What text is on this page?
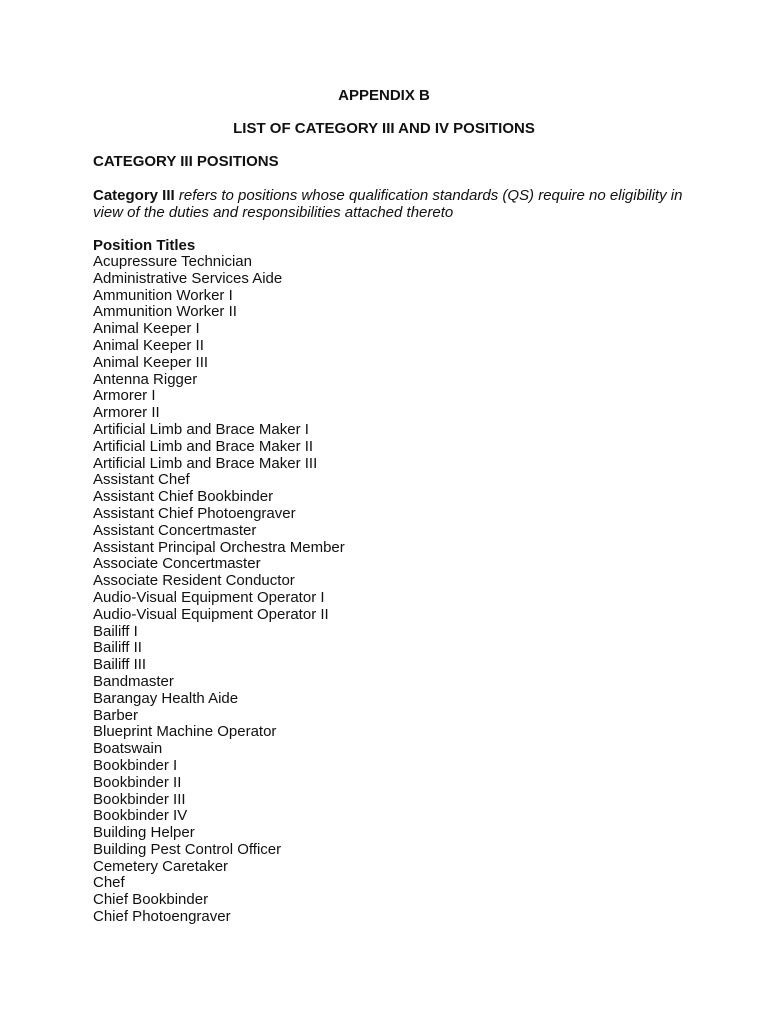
APPENDIX B
LIST OF CATEGORY III AND IV POSITIONS
CATEGORY III POSITIONS
Category III refers to positions whose qualification standards (QS) require no eligibility in view of the duties and responsibilities attached thereto
Position Titles
Acupressure Technician
Administrative Services Aide
Ammunition Worker I
Ammunition Worker II
Animal Keeper I
Animal Keeper II
Animal Keeper III
Antenna Rigger
Armorer I
Armorer II
Artificial Limb and Brace Maker I
Artificial Limb and Brace Maker II
Artificial Limb and Brace Maker III
Assistant Chef
Assistant Chief Bookbinder
Assistant Chief Photoengraver
Assistant Concertmaster
Assistant Principal Orchestra Member
Associate Concertmaster
Associate Resident Conductor
Audio-Visual Equipment Operator I
Audio-Visual Equipment Operator II
Bailiff I
Bailiff II
Bailiff III
Bandmaster
Barangay Health Aide
Barber
Blueprint Machine Operator
Boatswain
Bookbinder I
Bookbinder II
Bookbinder III
Bookbinder IV
Building Helper
Building Pest Control Officer
Cemetery Caretaker
Chef
Chief Bookbinder
Chief Photoengraver
